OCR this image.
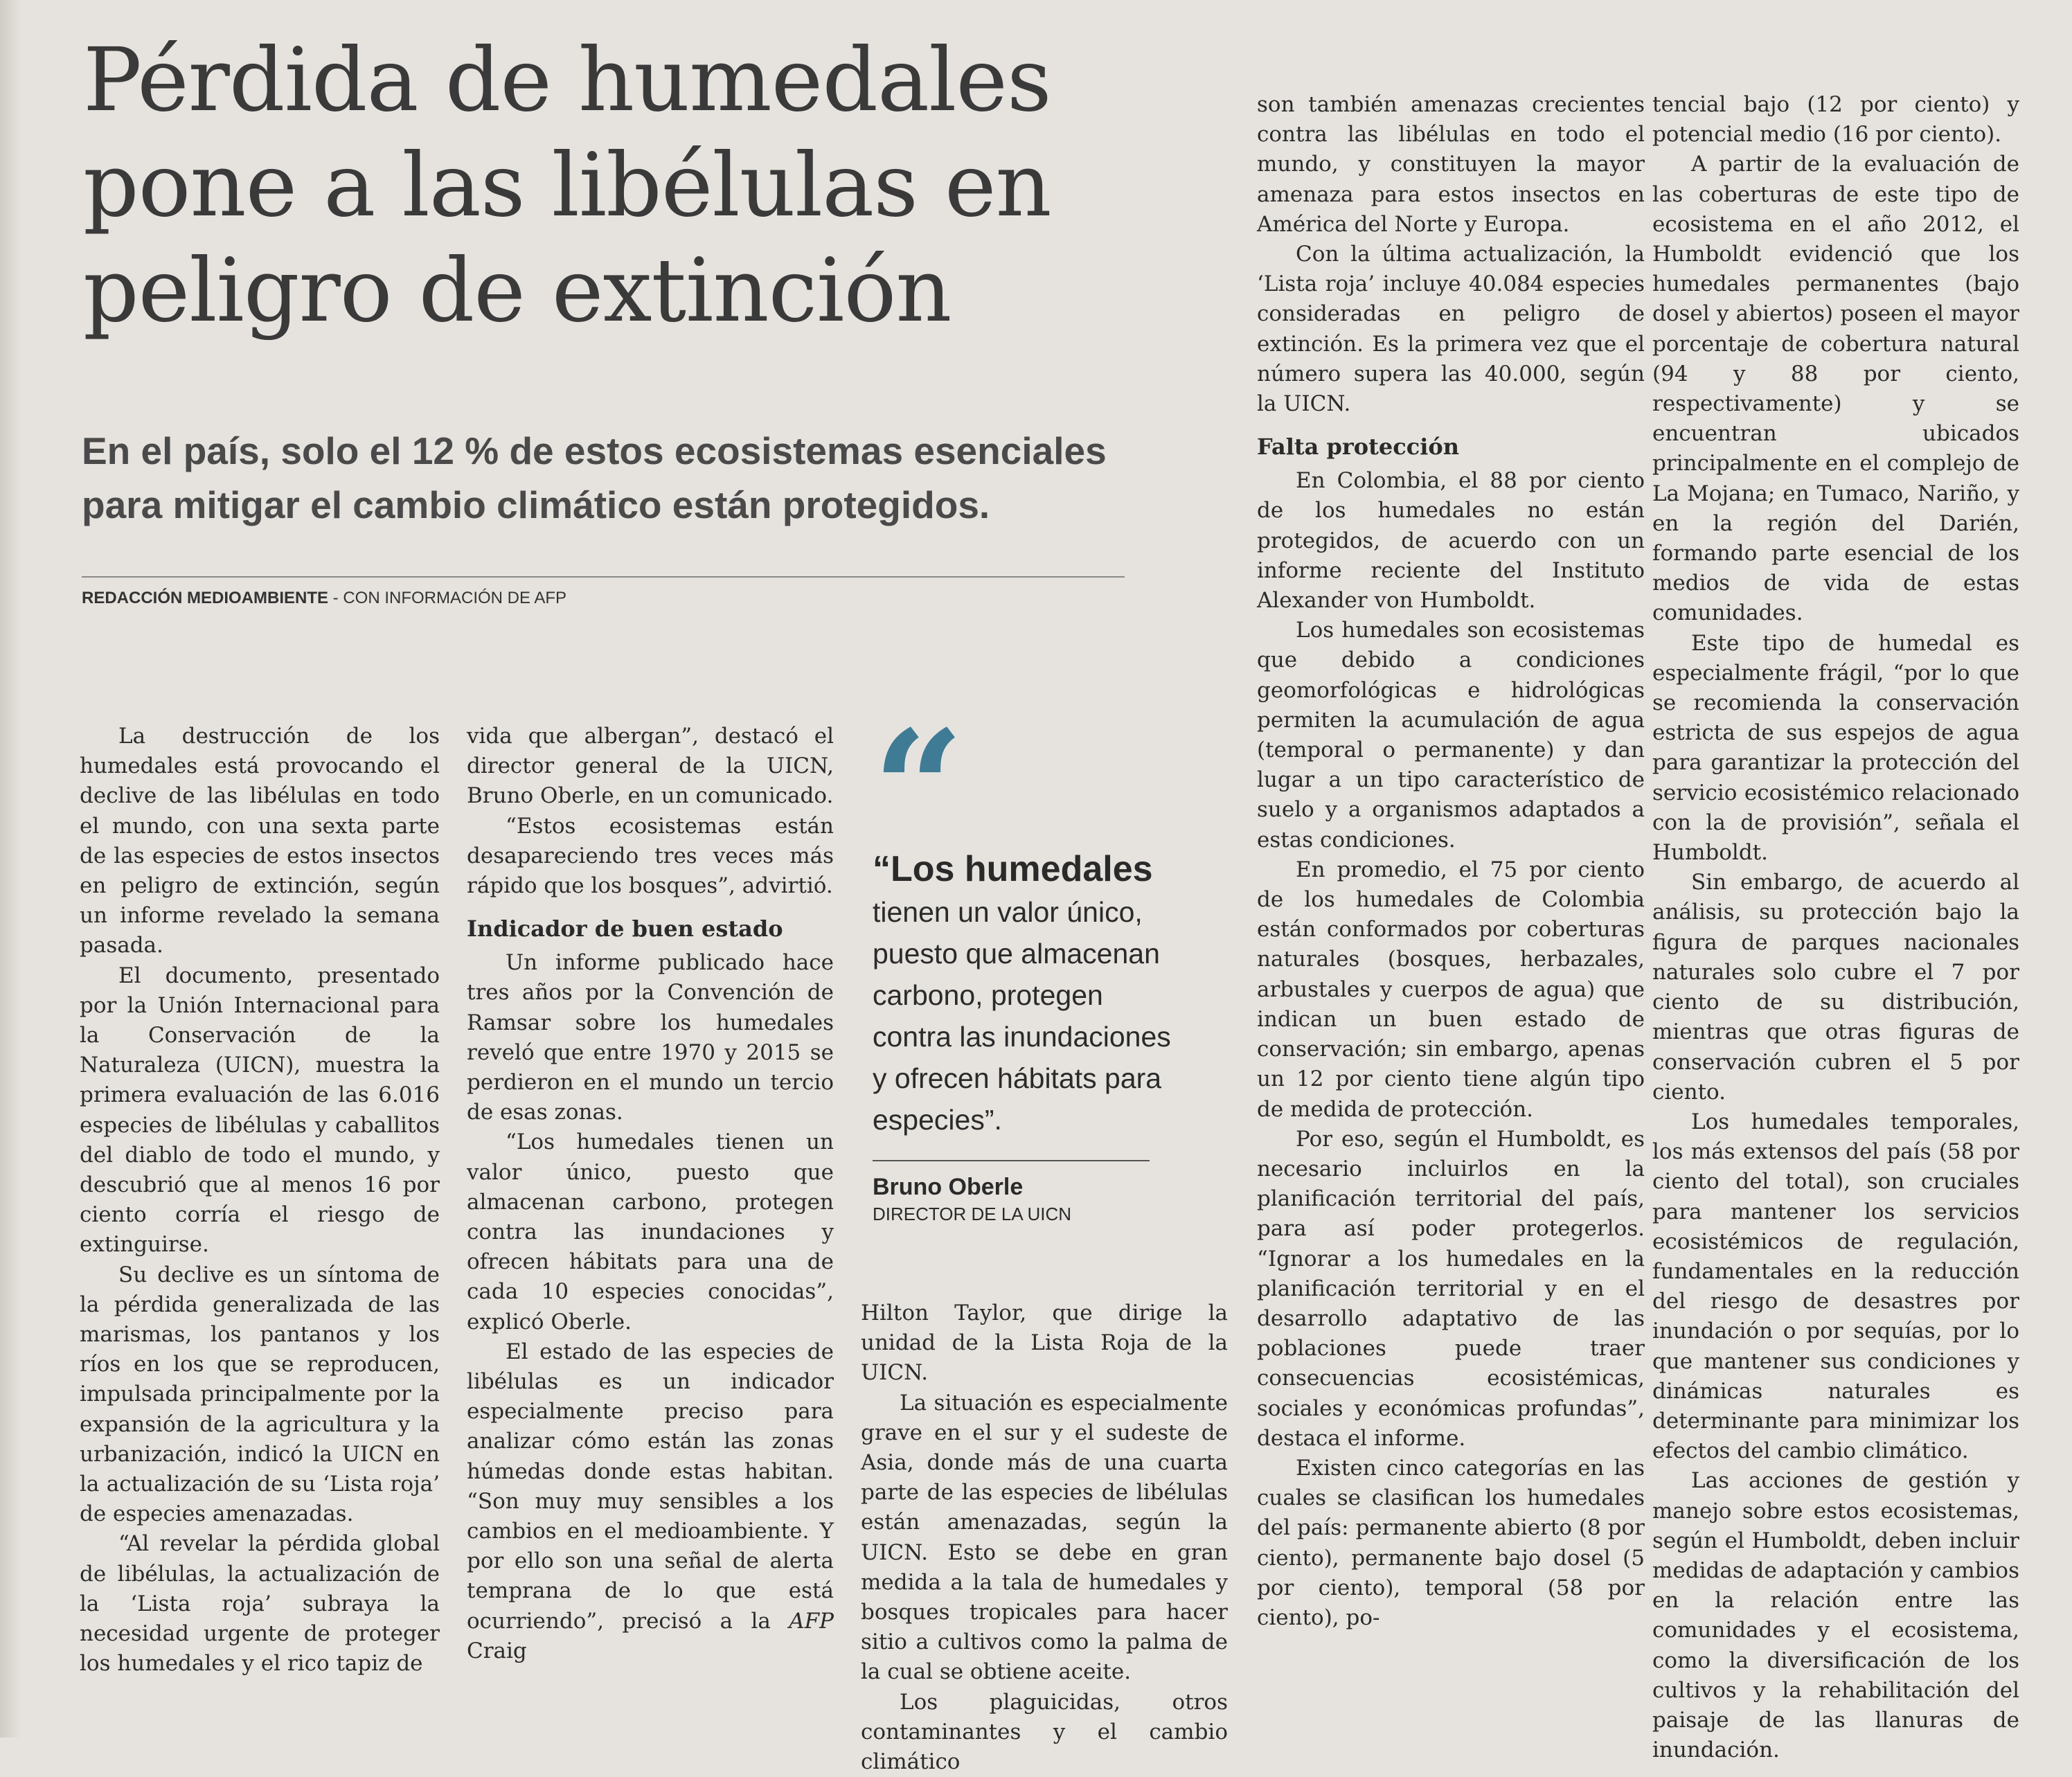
Pérdida de humedales
pone a las libélulas en
peligro de extinción
En el país, solo el 12 % de estos ecosistemas esenciales
para mitigar el cambio climático están protegidos.
REDACCIÓN MEDIOAMBIENTE - CON INFORMACIÓN DE AFP

La destrucción de los humedales está provocando el declive de las libélulas en todo el mundo, con una sexta parte de las especies de estos insectos en peligro de extinción, según un informe revelado la semana pasada.

El documento, presentado por la Unión Internacional para la Conservación de la Naturaleza (UICN), muestra la primera evaluación de las 6.016 especies de libélulas y caballitos del diablo de todo el mundo, y descubrió que al menos 16 por ciento corría el riesgo de extinguirse.

Su declive es un síntoma de la pérdida generalizada de las marismas, los pantanos y los ríos en los que se reproducen, impulsada principalmente por la expansión de la agricultura y la urbanización, indicó la UICN en la actualización de su ‘Lista roja’ de especies amenazadas.

“Al revelar la pérdida global de libélulas, la actualización de la ‘Lista roja’ subraya la necesidad urgente de proteger los humedales y el rico tapiz de

vida que albergan”, destacó el director general de la UICN, Bruno Oberle, en un comunicado.

“Estos ecosistemas están desapareciendo tres veces más rápido que los bosques”, advirtió.

Indicador de buen estado

Un informe publicado hace tres años por la Convención de Ramsar sobre los humedales reveló que entre 1970 y 2015 se perdieron en el mundo un tercio de esas zonas.

“Los humedales tienen un valor único, puesto que almacenan carbono, protegen contra las inundaciones y ofrecen hábitats para una de cada 10 especies conocidas”, explicó Oberle.

El estado de las especies de libélulas es un indicador especialmente preciso para analizar cómo están las zonas húmedas donde estas habitan. “Son muy muy sensibles a los cambios en el medioambiente. Y por ello son una señal de alerta temprana de lo que está ocurriendo”, precisó a la AFP Craig

“
“Los humedales
tienen un valor único,
puesto que almacenan
carbono, protegen
contra las inundaciones
y ofrecen hábitats para
especies”.
Bruno Oberle
DIRECTOR DE LA UICN

Hilton Taylor, que dirige la unidad de la Lista Roja de la UICN.

La situación es especialmente grave en el sur y el sudeste de Asia, donde más de una cuarta parte de las especies de libélulas están amenazadas, según la UICN. Esto se debe en gran medida a la tala de humedales y bosques tropicales para hacer sitio a cultivos como la palma de la cual se obtiene aceite.

Los plaguicidas, otros contaminantes y el cambio climático

son también amenazas crecientes contra las libélulas en todo el mundo, y constituyen la mayor amenaza para estos insectos en América del Norte y Europa.

Con la última actualización, la ‘Lista roja’ incluye 40.084 especies consideradas en peligro de extinción. Es la primera vez que el número supera las 40.000, según la UICN.

Falta protección

En Colombia, el 88 por ciento de los humedales no están protegidos, de acuerdo con un informe reciente del Instituto Alexander von Humboldt.

Los humedales son ecosistemas que debido a condiciones geomorfológicas e hidrológicas permiten la acumulación de agua (temporal o permanente) y dan lugar a un tipo característico de suelo y a organismos adaptados a estas condiciones.

En promedio, el 75 por ciento de los humedales de Colombia están conformados por coberturas naturales (bosques, herbazales, arbustales y cuerpos de agua) que indican un buen estado de conservación; sin embargo, apenas un 12 por ciento tiene algún tipo de medida de protección.

Por eso, según el Humboldt, es necesario incluirlos en la planificación territorial del país, para así poder protegerlos. “Ignorar a los humedales en la planificación territorial y en el desarrollo adaptativo de las poblaciones puede traer consecuencias ecosistémicas, sociales y económicas profundas”, destaca el informe.

Existen cinco categorías en las cuales se clasifican los humedales del país: permanente abierto (8 por ciento), permanente bajo dosel (5 por ciento), temporal (58 por ciento), po-

tencial bajo (12 por ciento) y potencial medio (16 por ciento).

A partir de la evaluación de las coberturas de este tipo de ecosistema en el año 2012, el Humboldt evidenció que los humedales permanentes (bajo dosel y abiertos) poseen el mayor porcentaje de cobertura natural (94 y 88 por ciento, respectivamente) y se encuentran ubicados principalmente en el complejo de La Mojana; en Tumaco, Nariño, y en la región del Darién, formando parte esencial de los medios de vida de estas comunidades.

Este tipo de humedal es especialmente frágil, “por lo que se recomienda la conservación estricta de sus espejos de agua para garantizar la protección del servicio ecosistémico relacionado con la de provisión”, señala el Humboldt.

Sin embargo, de acuerdo al análisis, su protección bajo la figura de parques nacionales naturales solo cubre el 7 por ciento de su distribución, mientras que otras figuras de conservación cubren el 5 por ciento.

Los humedales temporales, los más extensos del país (58 por ciento del total), son cruciales para mantener los servicios ecosistémicos de regulación, fundamentales en la reducción del riesgo de desastres por inundación o por sequías, por lo que mantener sus condiciones y dinámicas naturales es determinante para minimizar los efectos del cambio climático.

Las acciones de gestión y manejo sobre estos ecosistemas, según el Humboldt, deben incluir medidas de adaptación y cambios en la relación entre las comunidades y el ecosistema, como la diversificación de los cultivos y la rehabilitación del paisaje de las llanuras de inundación.
